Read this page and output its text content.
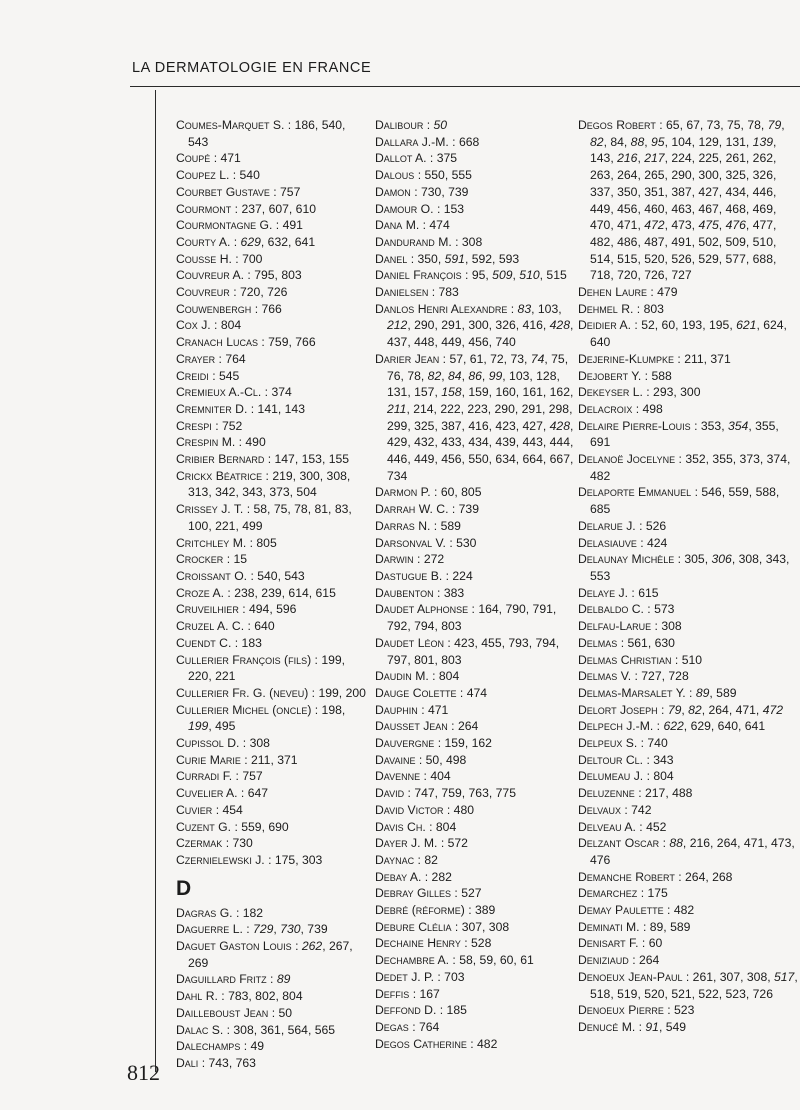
LA DERMATOLOGIE EN FRANCE

Coumes-Marquet S. : 186, 540, 543

Coupé : 471

Coupez L. : 540

Courbet Gustave : 757

Courmont : 237, 607, 610

Courmontagne G. : 491

Courty A. : 629, 632, 641

Cousse H. : 700

Couvreur A. : 795, 803

Couvreur : 720, 726

Couwenbergh : 766

Cox J. : 804

Cranach Lucas : 759, 766

Crayer : 764

Creidi : 545

Cremieux A.-Cl. : 374

Cremniter D. : 141, 143

Crespi : 752

Crespin M. : 490

Cribier Bernard : 147, 153, 155

Crickx Béatrice : 219, 300, 308, 313, 342, 343, 373, 504

Crissey J. T. : 58, 75, 78, 81, 83, 100, 221, 499

Critchley M. : 805

Crocker : 15

Croissant O. : 540, 543

Croze A. : 238, 239, 614, 615

Cruveilhier : 494, 596

Cruzel A. C. : 640

Cuendt C. : 183

Cullerier François (fils) : 199, 220, 221

Cullerier Fr. G. (neveu) : 199, 200

Cullerier Michel (oncle) : 198, 199, 495

Cupissol D. : 308

Curie Marie : 211, 371

Curradi F. : 757

Cuvelier A. : 647

Cuvier : 454

Cuzent G. : 559, 690

Czermak : 730

Czernielewski J. : 175, 303

D

Dagras G. : 182

Daguerre L. : 729, 730, 739

Daguet Gaston Louis : 262, 267, 269

Daguillard Fritz : 89

Dahl R. : 783, 802, 804

Dailleboust Jean : 50

Dalac S. : 308, 361, 564, 565

Dalechamps : 49

Dali : 743, 763

Dalibour : 50

Dallara J.-M. : 668

Dallot A. : 375

Dalous : 550, 555

Damon : 730, 739

Damour O. : 153

Dana M. : 474

Dandurand M. : 308

Danel : 350, 591, 592, 593

Daniel François : 95, 509, 510, 515

Danielsen : 783

Danlos Henri Alexandre : 83, 103, 212, 290, 291, 300, 326, 416, 428, 437, 448, 449, 456, 740

Darier Jean : 57, 61, 72, 73, 74, 75, 76, 78, 82, 84, 86, 99, 103, 128, 131, 157, 158, 159, 160, 161, 162, 211, 214, 222, 223, 290, 291, 298, 299, 325, 387, 416, 423, 427, 428, 429, 432, 433, 434, 439, 443, 444, 446, 449, 456, 550, 634, 664, 667, 734

Darmon P. : 60, 805

Darrah W. C. : 739

Darras N. : 589

Darsonval V. : 530

Darwin : 272

Dastugue B. : 224

Daubenton : 383

Daudet Alphonse : 164, 790, 791, 792, 794, 803

Daudet Léon : 423, 455, 793, 794, 797, 801, 803

Daudin M. : 804

Dauge Colette : 474

Dauphin : 471

Dausset Jean : 264

Dauvergne : 159, 162

Davaine : 50, 498

Davenne : 404

David : 747, 759, 763, 775

David Victor : 480

Davis Ch. : 804

Dayer J. M. : 572

Daynac : 82

Debay A. : 282

Debray Gilles : 527

Debré (réforme) : 389

Debure Clélia : 307, 308

Dechaine Henry : 528

Dechambre A. : 58, 59, 60, 61

Dedet J. P. : 703

Deffis : 167

Deffond D. : 185

Degas : 764

Degos Catherine : 482

Degos Robert : 65, 67, 73, 75, 78, 79, 82, 84, 88, 95, 104, 129, 131, 139, 143, 216, 217, 224, 225, 261, 262, 263, 264, 265, 290, 300, 325, 326, 337, 350, 351, 387, 427, 434, 446, 449, 456, 460, 463, 467, 468, 469, 470, 471, 472, 473, 475, 476, 477, 482, 486, 487, 491, 502, 509, 510, 514, 515, 520, 526, 529, 577, 688, 718, 720, 726, 727

Dehen Laure : 479

Dehmel R. : 803

Deidier A. : 52, 60, 193, 195, 621, 624, 640

Dejerine-Klumpke : 211, 371

Dejobert Y. : 588

Dekeyser L. : 293, 300

Delacroix : 498

Delaire Pierre-Louis : 353, 354, 355, 691

Delanoë Jocelyne : 352, 355, 373, 374, 482

Delaporte Emmanuel : 546, 559, 588, 685

Delarue J. : 526

Delasiauve : 424

Delaunay Michèle : 305, 306, 308, 343, 553

Delaye J. : 615

Delbaldo C. : 573

Delfau-Larue : 308

Delmas : 561, 630

Delmas Christian : 510

Delmas V. : 727, 728

Delmas-Marsalet Y. : 89, 589

Delort Joseph : 79, 82, 264, 471, 472

Delpech J.-M. : 622, 629, 640, 641

Delpeux S. : 740

Deltour Cl. : 343

Delumeau J. : 804

Deluzenne : 217, 488

Delvaux : 742

Delveau A. : 452

Delzant Oscar : 88, 216, 264, 471, 473, 476

Demanche Robert : 264, 268

Demarchez : 175

Demay Paulette : 482

Deminati M. : 89, 589

Denisart F. : 60

Deniziaud : 264

Denoeux Jean-Paul : 261, 307, 308, 517, 518, 519, 520, 521, 522, 523, 726

Denoeux Pierre : 523

Denucé M. : 91, 549

812
